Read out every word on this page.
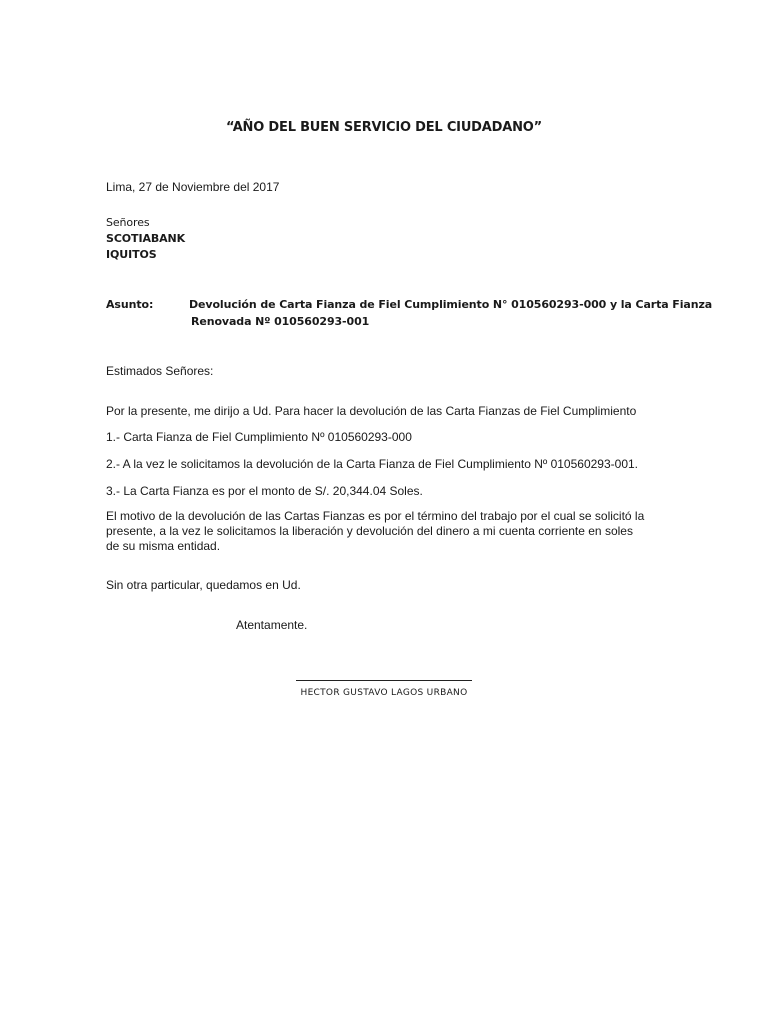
“AÑO DEL BUEN SERVICIO DEL CIUDADANO”
Lima, 27 de Noviembre del 2017
Señores
SCOTIABANK
IQUITOS
Asunto:	Devolución de Carta Fianza de Fiel Cumplimiento N° 010560293-000 y la Carta Fianza
Renovada Nº 010560293-001
Estimados Señores:
Por la presente, me dirijo a Ud. Para hacer la devolución de las Carta Fianzas de Fiel Cumplimiento
1.- Carta Fianza de Fiel Cumplimiento Nº 010560293-000
2.- A la vez le solicitamos la devolución de la Carta Fianza de Fiel Cumplimiento Nº 010560293-001.
3.- La Carta Fianza es por el monto de S/. 20,344.04 Soles.
El motivo de la devolución de las Cartas Fianzas es por el término del trabajo por el cual se solicitó la presente, a la vez le solicitamos la liberación y devolución del dinero a mi cuenta corriente en soles de su misma entidad.
Sin otra particular, quedamos en Ud.
Atentamente.
HECTOR GUSTAVO LAGOS URBANO
